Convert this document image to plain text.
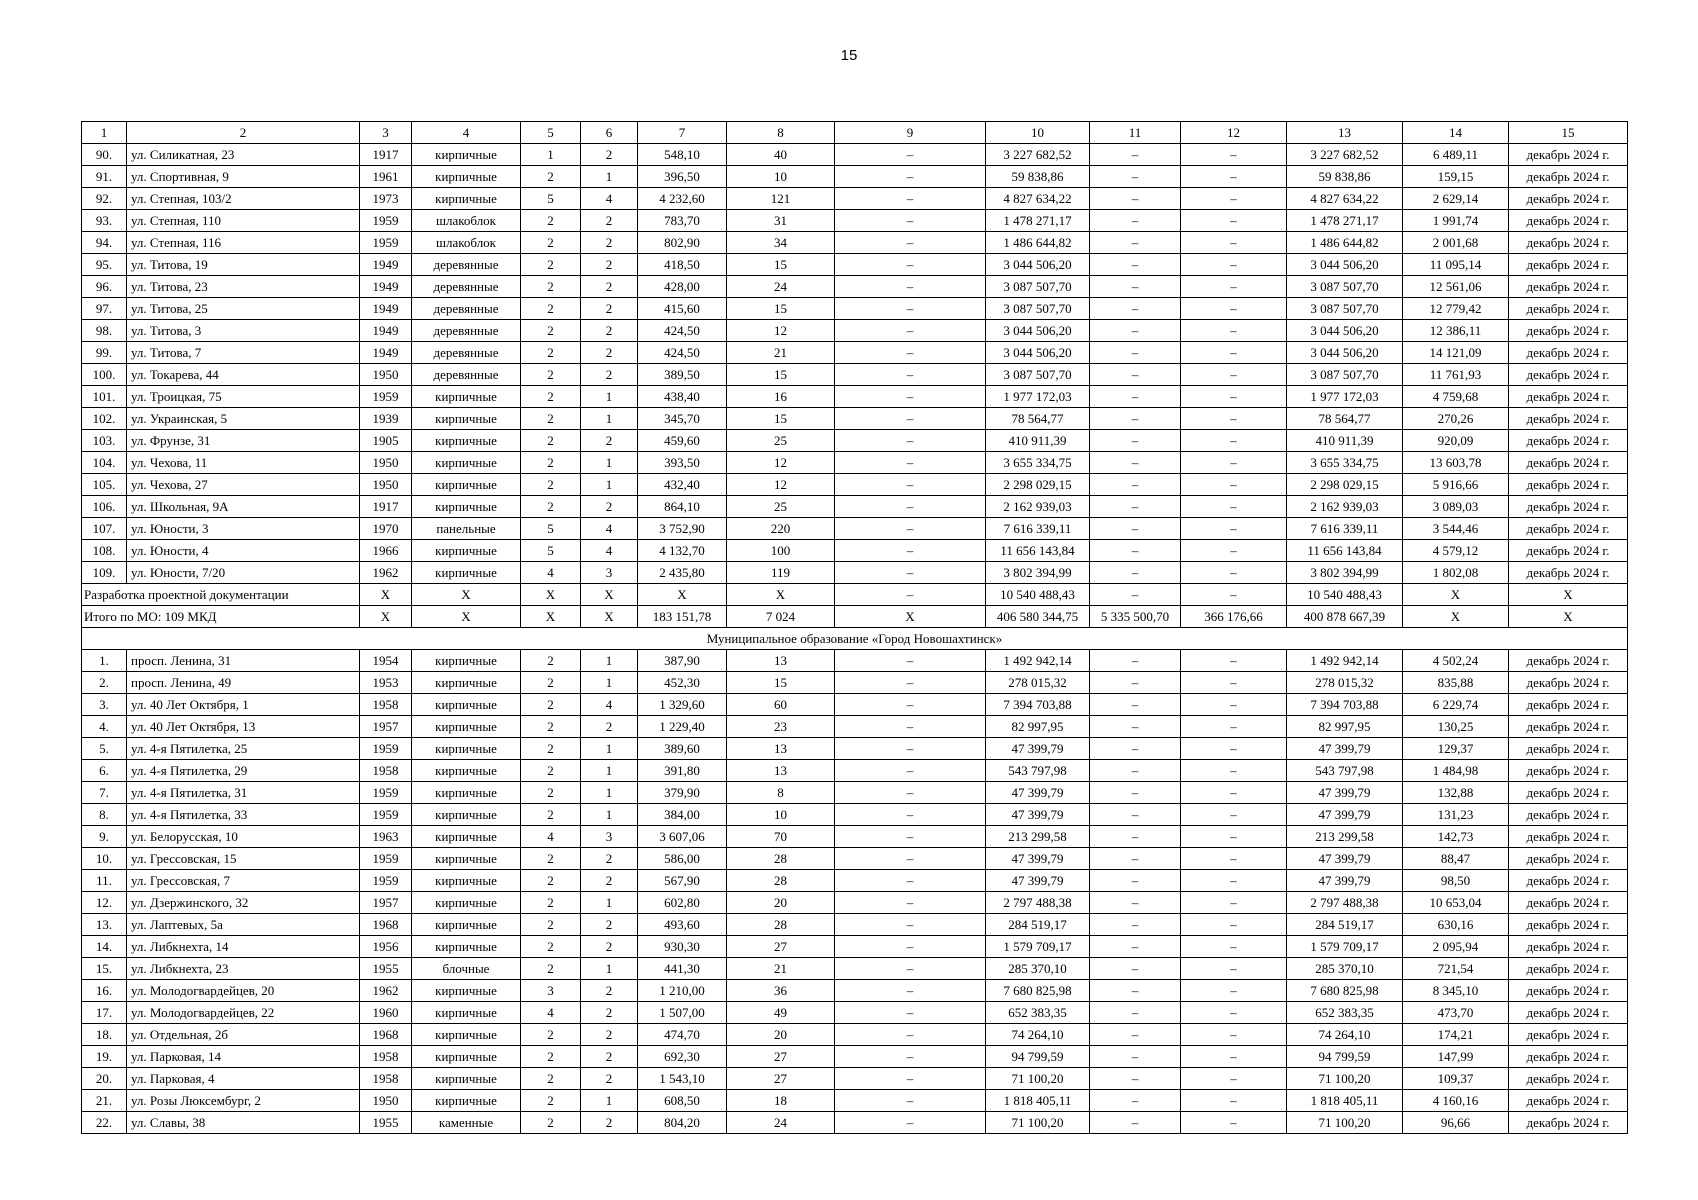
15
1	2	3	4	5	6	7	8	9	10	11	12	13	14	15
90.	ул. Силикатная, 23	1917	кирпичные	1	2	548,10	40	–	3 227 682,52	–	–	3 227 682,52	6 489,11	декабрь 2024 г.
91.	ул. Спортивная, 9	1961	кирпичные	2	1	396,50	10	–	59 838,86	–	–	59 838,86	159,15	декабрь 2024 г.
92.	ул. Степная, 103/2	1973	кирпичные	5	4	4 232,60	121	–	4 827 634,22	–	–	4 827 634,22	2 629,14	декабрь 2024 г.
93.	ул. Степная, 110	1959	шлакоблок	2	2	783,70	31	–	1 478 271,17	–	–	1 478 271,17	1 991,74	декабрь 2024 г.
94.	ул. Степная, 116	1959	шлакоблок	2	2	802,90	34	–	1 486 644,82	–	–	1 486 644,82	2 001,68	декабрь 2024 г.
95.	ул. Титова, 19	1949	деревянные	2	2	418,50	15	–	3 044 506,20	–	–	3 044 506,20	11 095,14	декабрь 2024 г.
96.	ул. Титова, 23	1949	деревянные	2	2	428,00	24	–	3 087 507,70	–	–	3 087 507,70	12 561,06	декабрь 2024 г.
97.	ул. Титова, 25	1949	деревянные	2	2	415,60	15	–	3 087 507,70	–	–	3 087 507,70	12 779,42	декабрь 2024 г.
98.	ул. Титова, 3	1949	деревянные	2	2	424,50	12	–	3 044 506,20	–	–	3 044 506,20	12 386,11	декабрь 2024 г.
99.	ул. Титова, 7	1949	деревянные	2	2	424,50	21	–	3 044 506,20	–	–	3 044 506,20	14 121,09	декабрь 2024 г.
100.	ул. Токарева, 44	1950	деревянные	2	2	389,50	15	–	3 087 507,70	–	–	3 087 507,70	11 761,93	декабрь 2024 г.
101.	ул. Троицкая, 75	1959	кирпичные	2	1	438,40	16	–	1 977 172,03	–	–	1 977 172,03	4 759,68	декабрь 2024 г.
102.	ул. Украинская, 5	1939	кирпичные	2	1	345,70	15	–	78 564,77	–	–	78 564,77	270,26	декабрь 2024 г.
103.	ул. Фрунзе, 31	1905	кирпичные	2	2	459,60	25	–	410 911,39	–	–	410 911,39	920,09	декабрь 2024 г.
104.	ул. Чехова, 11	1950	кирпичные	2	1	393,50	12	–	3 655 334,75	–	–	3 655 334,75	13 603,78	декабрь 2024 г.
105.	ул. Чехова, 27	1950	кирпичные	2	1	432,40	12	–	2 298 029,15	–	–	2 298 029,15	5 916,66	декабрь 2024 г.
106.	ул. Школьная, 9А	1917	кирпичные	2	2	864,10	25	–	2 162 939,03	–	–	2 162 939,03	3 089,03	декабрь 2024 г.
107.	ул. Юности, 3	1970	панельные	5	4	3 752,90	220	–	7 616 339,11	–	–	7 616 339,11	3 544,46	декабрь 2024 г.
108.	ул. Юности, 4	1966	кирпичные	5	4	4 132,70	100	–	11 656 143,84	–	–	11 656 143,84	4 579,12	декабрь 2024 г.
109.	ул. Юности, 7/20	1962	кирпичные	4	3	2 435,80	119	–	3 802 394,99	–	–	3 802 394,99	1 802,08	декабрь 2024 г.
Разработка проектной документации		Х	Х	Х	Х	Х	Х	–	10 540 488,43	–	–	10 540 488,43	Х	Х
Итого по МО: 109 МКД		Х	Х	Х	Х	183 151,78	7 024	Х	406 580 344,75	5 335 500,70	366 176,66	400 878 667,39	Х	Х
Муниципальное образование «Город Новошахтинск»														
1.	просп. Ленина, 31	1954	кирпичные	2	1	387,90	13	–	1 492 942,14	–	–	1 492 942,14	4 502,24	декабрь 2024 г.
2.	просп. Ленина, 49	1953	кирпичные	2	1	452,30	15	–	278 015,32	–	–	278 015,32	835,88	декабрь 2024 г.
3.	ул. 40 Лет Октября, 1	1958	кирпичные	2	4	1 329,60	60	–	7 394 703,88	–	–	7 394 703,88	6 229,74	декабрь 2024 г.
4.	ул. 40 Лет Октября, 13	1957	кирпичные	2	2	1 229,40	23	–	82 997,95	–	–	82 997,95	130,25	декабрь 2024 г.
5.	ул. 4-я Пятилетка, 25	1959	кирпичные	2	1	389,60	13	–	47 399,79	–	–	47 399,79	129,37	декабрь 2024 г.
6.	ул. 4-я Пятилетка, 29	1958	кирпичные	2	1	391,80	13	–	543 797,98	–	–	543 797,98	1 484,98	декабрь 2024 г.
7.	ул. 4-я Пятилетка, 31	1959	кирпичные	2	1	379,90	8	–	47 399,79	–	–	47 399,79	132,88	декабрь 2024 г.
8.	ул. 4-я Пятилетка, 33	1959	кирпичные	2	1	384,00	10	–	47 399,79	–	–	47 399,79	131,23	декабрь 2024 г.
9.	ул. Белорусская, 10	1963	кирпичные	4	3	3 607,06	70	–	213 299,58	–	–	213 299,58	142,73	декабрь 2024 г.
10.	ул. Грессовская, 15	1959	кирпичные	2	2	586,00	28	–	47 399,79	–	–	47 399,79	88,47	декабрь 2024 г.
11.	ул. Грессовская, 7	1959	кирпичные	2	2	567,90	28	–	47 399,79	–	–	47 399,79	98,50	декабрь 2024 г.
12.	ул. Дзержинского, 32	1957	кирпичные	2	1	602,80	20	–	2 797 488,38	–	–	2 797 488,38	10 653,04	декабрь 2024 г.
13.	ул. Лаптевых, 5а	1968	кирпичные	2	2	493,60	28	–	284 519,17	–	–	284 519,17	630,16	декабрь 2024 г.
14.	ул. Либкнехта, 14	1956	кирпичные	2	2	930,30	27	–	1 579 709,17	–	–	1 579 709,17	2 095,94	декабрь 2024 г.
15.	ул. Либкнехта, 23	1955	блочные	2	1	441,30	21	–	285 370,10	–	–	285 370,10	721,54	декабрь 2024 г.
16.	ул. Молодогвардейцев, 20	1962	кирпичные	3	2	1 210,00	36	–	7 680 825,98	–	–	7 680 825,98	8 345,10	декабрь 2024 г.
17.	ул. Молодогвардейцев, 22	1960	кирпичные	4	2	1 507,00	49	–	652 383,35	–	–	652 383,35	473,70	декабрь 2024 г.
18.	ул. Отдельная, 2б	1968	кирпичные	2	2	474,70	20	–	74 264,10	–	–	74 264,10	174,21	декабрь 2024 г.
19.	ул. Парковая, 14	1958	кирпичные	2	2	692,30	27	–	94 799,59	–	–	94 799,59	147,99	декабрь 2024 г.
20.	ул. Парковая, 4	1958	кирпичные	2	2	1 543,10	27	–	71 100,20	–	–	71 100,20	109,37	декабрь 2024 г.
21.	ул. Розы Люксембург, 2	1950	кирпичные	2	1	608,50	18	–	1 818 405,11	–	–	1 818 405,11	4 160,16	декабрь 2024 г.
22.	ул. Славы, 38	1955	каменные	2	2	804,20	24	–	71 100,20	–	–	71 100,20	96,66	декабрь 2024 г.
